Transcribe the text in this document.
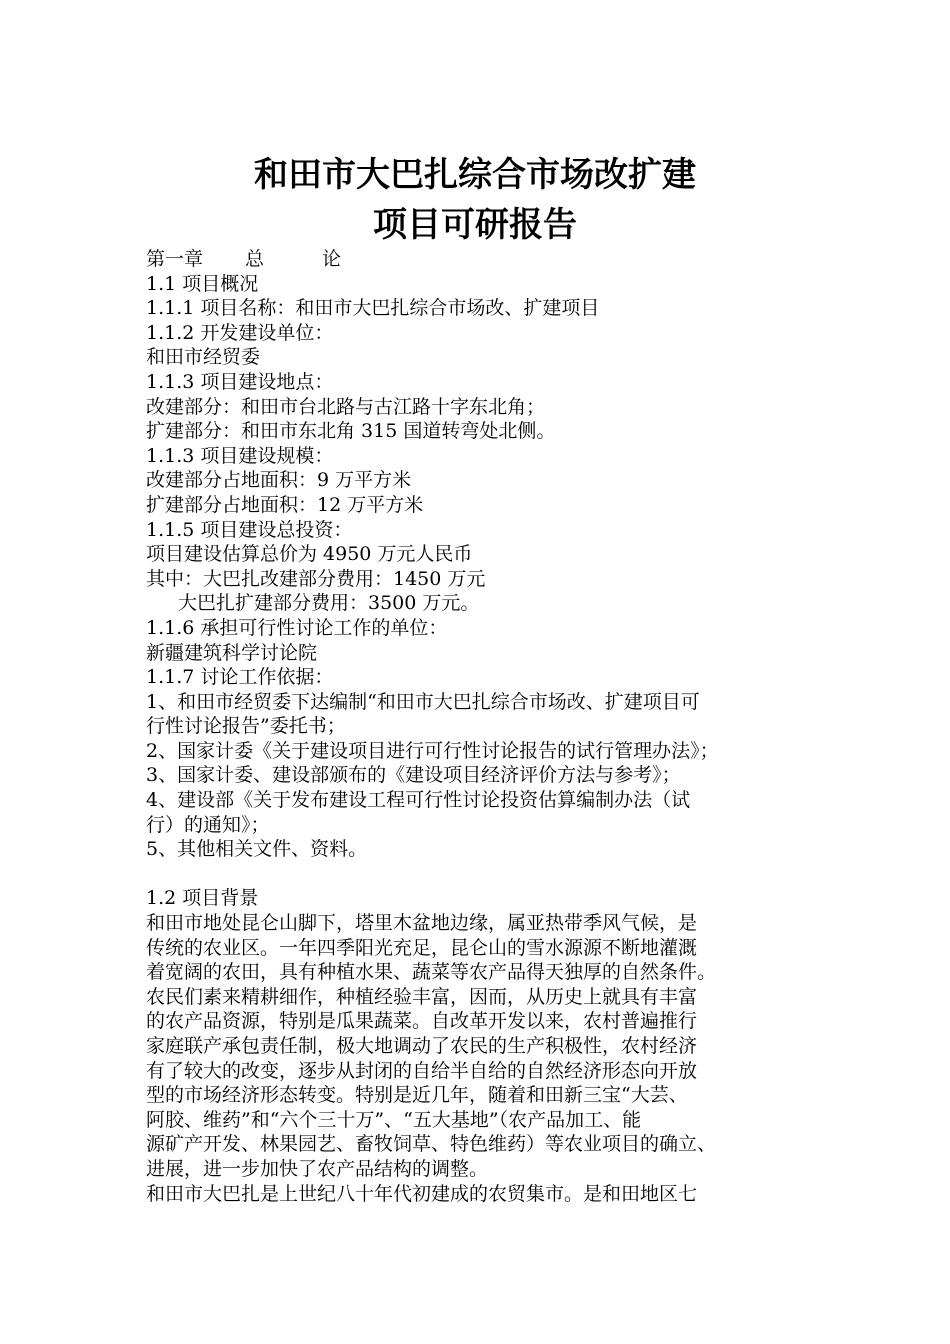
和田市大巴扎综合市场改扩建
项目可研报告
第一章 总	论
1.1 项目概况
1.1.1 项目名称：和田市大巴扎综合市场改、扩建项目
1.1.2 开发建设单位：
和田市经贸委
1.1.3 项目建设地点：
改建部分：和田市台北路与古江路十字东北角；
扩建部分：和田市东北角 315 国道转弯处北侧。
1.1.3 项目建设规模：
改建部分占地面积：9 万平方米
扩建部分占地面积：12 万平方米
1.1.5 项目建设总投资：
项目建设估算总价为 4950 万元人民币
其中：大巴扎改建部分费用：1450 万元
大巴扎扩建部分费用：3500 万元。
1.1.6 承担可行性讨论工作的单位：
新疆建筑科学讨论院
1.1.7 讨论工作依据：
1、和田市经贸委下达编制“和田市大巴扎综合市场改、扩建项目可
行性讨论报告”委托书；
2、国家计委《关于建设项目进行可行性讨论报告的试行管理办法》；
3、国家计委、建设部颁布的《建设项目经济评价方法与参考》；
4、建设部《关于发布建设工程可行性讨论投资估算编制办法（试
行）的通知》；
5、其他相关文件、资料。
1.2 项目背景
和田市地处昆仑山脚下，塔里木盆地边缘，属亚热带季风气候，是
传统的农业区。一年四季阳光充足，昆仑山的雪水源源不断地灌溉
着宽阔的农田，具有种植水果、蔬菜等农产品得天独厚的自然条件。
农民们素来精耕细作，种植经验丰富，因而，从历史上就具有丰富
的农产品资源，特别是瓜果蔬菜。自改革开发以来，农村普遍推行
家庭联产承包责任制，极大地调动了农民的生产积极性，农村经济
有了较大的改变，逐步从封闭的自给半自给的自然经济形态向开放
型的市场经济形态转变。特别是近几年，随着和田新三宝“大芸、
阿胶、维药”和“六个三十万”、“五大基地”（农产品加工、能
源矿产开发、林果园艺、畜牧饲草、特色维药）等农业项目的确立、
进展，进一步加快了农产品结构的调整。
和田市大巴扎是上世纪八十年代初建成的农贸集市。是和田地区七
